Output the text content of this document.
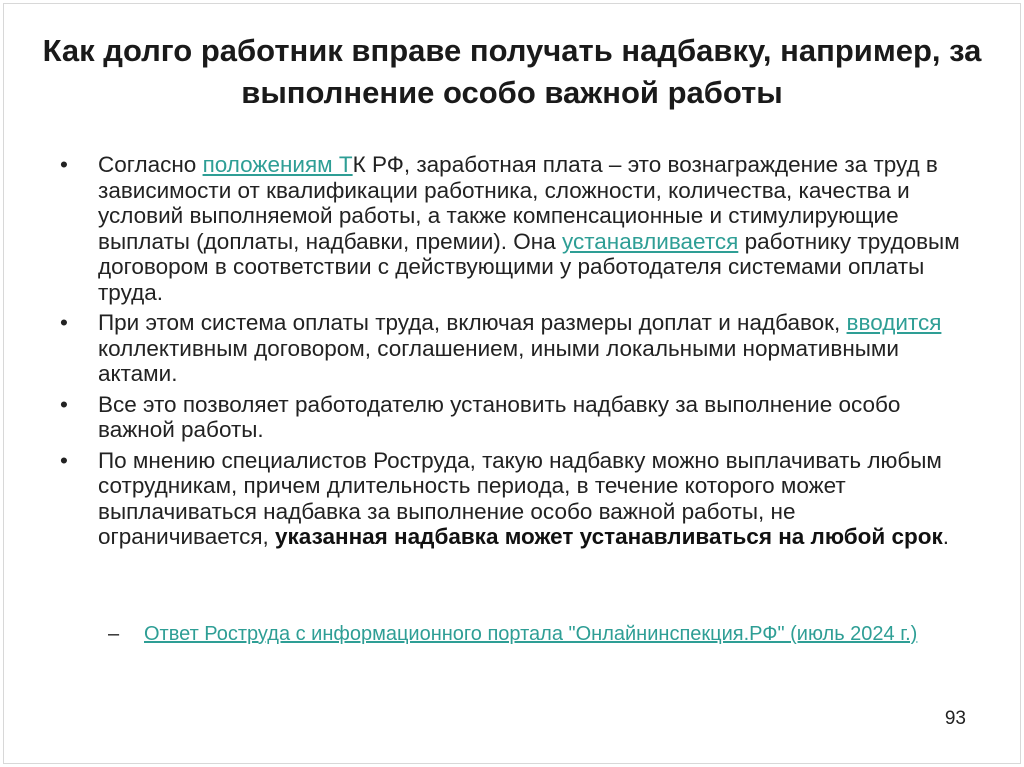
Как долго работник вправе получать надбавку, например, за выполнение особо важной работы
•	Согласно положениям ТК РФ, заработная плата – это вознаграждение за труд в зависимости от квалификации работника, сложности, количества, качества и условий выполняемой работы, а также компенсационные и стимулирующие выплаты (доплаты, надбавки, премии). Она устанавливается работнику трудовым договором в соответствии с действующими у работодателя системами оплаты труда.
•	При этом система оплаты труда, включая размеры доплат и надбавок, вводится коллективным договором, соглашением, иными локальными нормативными актами.
•	Все это позволяет работодателю установить надбавку за выполнение особо важной работы.
•	По мнению специалистов Роструда, такую надбавку можно выплачивать любым сотрудникам, причем длительность периода, в течение которого может выплачиваться надбавка за выполнение особо важной работы, не ограничивается, указанная надбавка может устанавливаться на любой срок.
– Ответ Роструда с информационного портала "Онлайнинспекция.РФ" (июль 2024 г.)
93
